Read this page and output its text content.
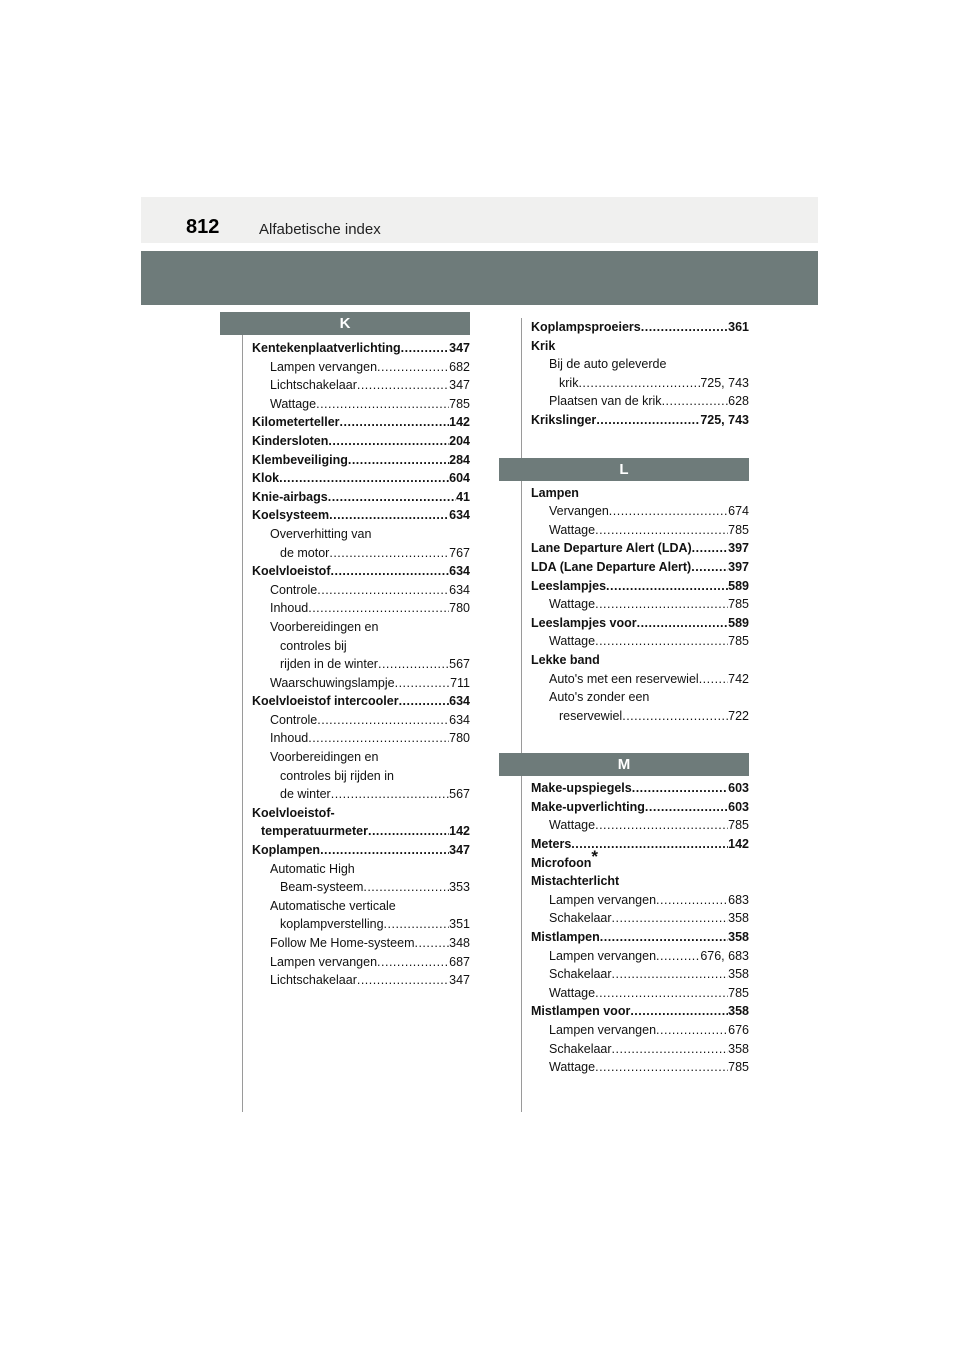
812	Alfabetische index
K
Kentekenplaatverlichting .....	347
Lampen vervangen .....	682
Lichtschakelaar .....	347
Wattage .....	785
Kilometerteller .....	142
Kindersloten .....	204
Klembeveiliging .....	284
Klok .....	604
Knie-airbags .....	41
Koelsysteem .....	634
Oververhitting van
de motor .....	767
Koelvloeistof .....	634
Controle .....	634
Inhoud .....	780
Voorbereidingen en
controles bij
rijden in de winter .....	567
Waarschuwingslampje .....	711
Koelvloeistof intercooler .....	634
Controle .....	634
Inhoud .....	780
Voorbereidingen en
controles bij rijden in
de winter .....	567
Koelvloeistof-
temperatuurmeter .....	142
Koplampen .....	347
Automatic High
Beam-systeem .....	353
Automatische verticale
koplampverstelling .....	351
Follow Me Home-systeem .....	348
Lampen vervangen .....	687
Lichtschakelaar .....	347
Koplampsproeiers .....	361
Krik
Bij de auto geleverde
krik .....	725, 743
Plaatsen van de krik .....	628
Krikslinger .....	725, 743
L
Lampen
Vervangen .....	674
Wattage .....	785
Lane Departure Alert (LDA) .....	397
LDA (Lane Departure Alert) .....	397
Leeslampjes .....	589
Wattage .....	785
Leeslampjes voor .....	589
Wattage .....	785
Lekke band
Auto's met een reservewiel ..... 742
Auto's zonder een
reservewiel .....	722
M
Make-upspiegels .....	603
Make-upverlichting .....	603
Wattage .....	785
Meters .....	142
Microfoon*
Mistachterlicht
Lampen vervangen .....	683
Schakelaar .....	358
Mistlampen .....	358
Lampen vervangen .....	676, 683
Schakelaar .....	358
Wattage .....	785
Mistlampen voor .....	358
Lampen vervangen .....	676
Schakelaar .....	358
Wattage .....	785
